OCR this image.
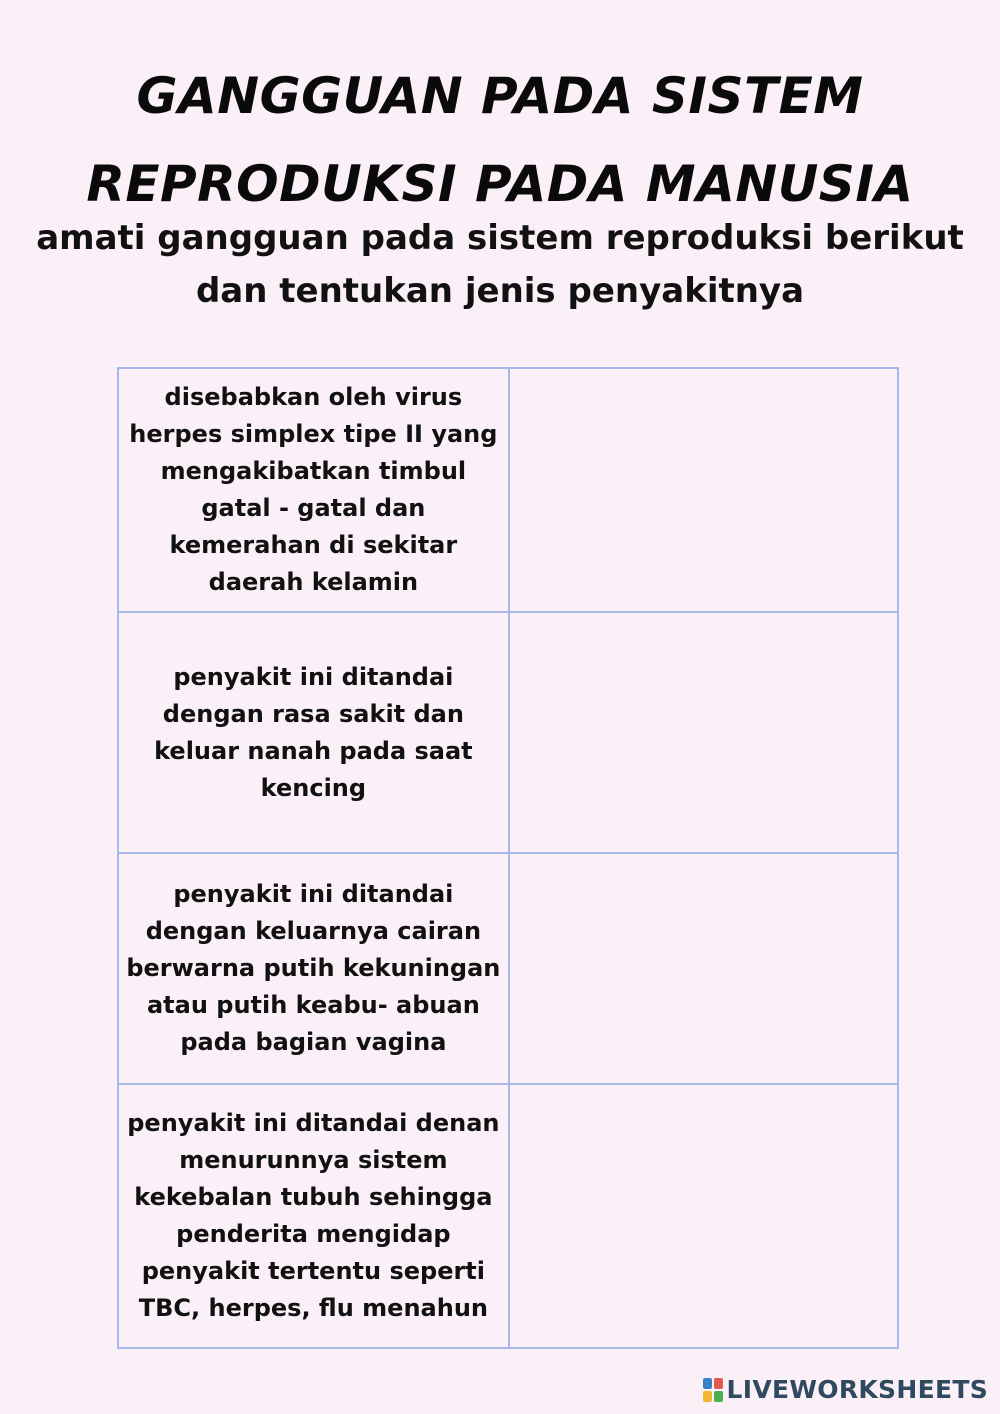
GANGGUAN PADA SISTEM
REPRODUKSI PADA MANUSIA
amati gangguan pada sistem reproduksi berikut
dan tentukan jenis penyakitnya
disebabkan oleh virus herpes simplex tipe II yang mengakibatkan timbul gatal - gatal dan kemerahan di sekitar daerah kelamin	
penyakit ini ditandai dengan rasa sakit dan keluar nanah pada saat kencing	
penyakit ini ditandai dengan keluarnya cairan berwarna putih kekuningan atau putih keabu- abuan pada bagian vagina	
penyakit ini ditandai denan menurunnya sistem kekebalan tubuh sehingga penderita mengidap penyakit tertentu seperti TBC, herpes, flu menahun	
LIVEWORKSHEETS
